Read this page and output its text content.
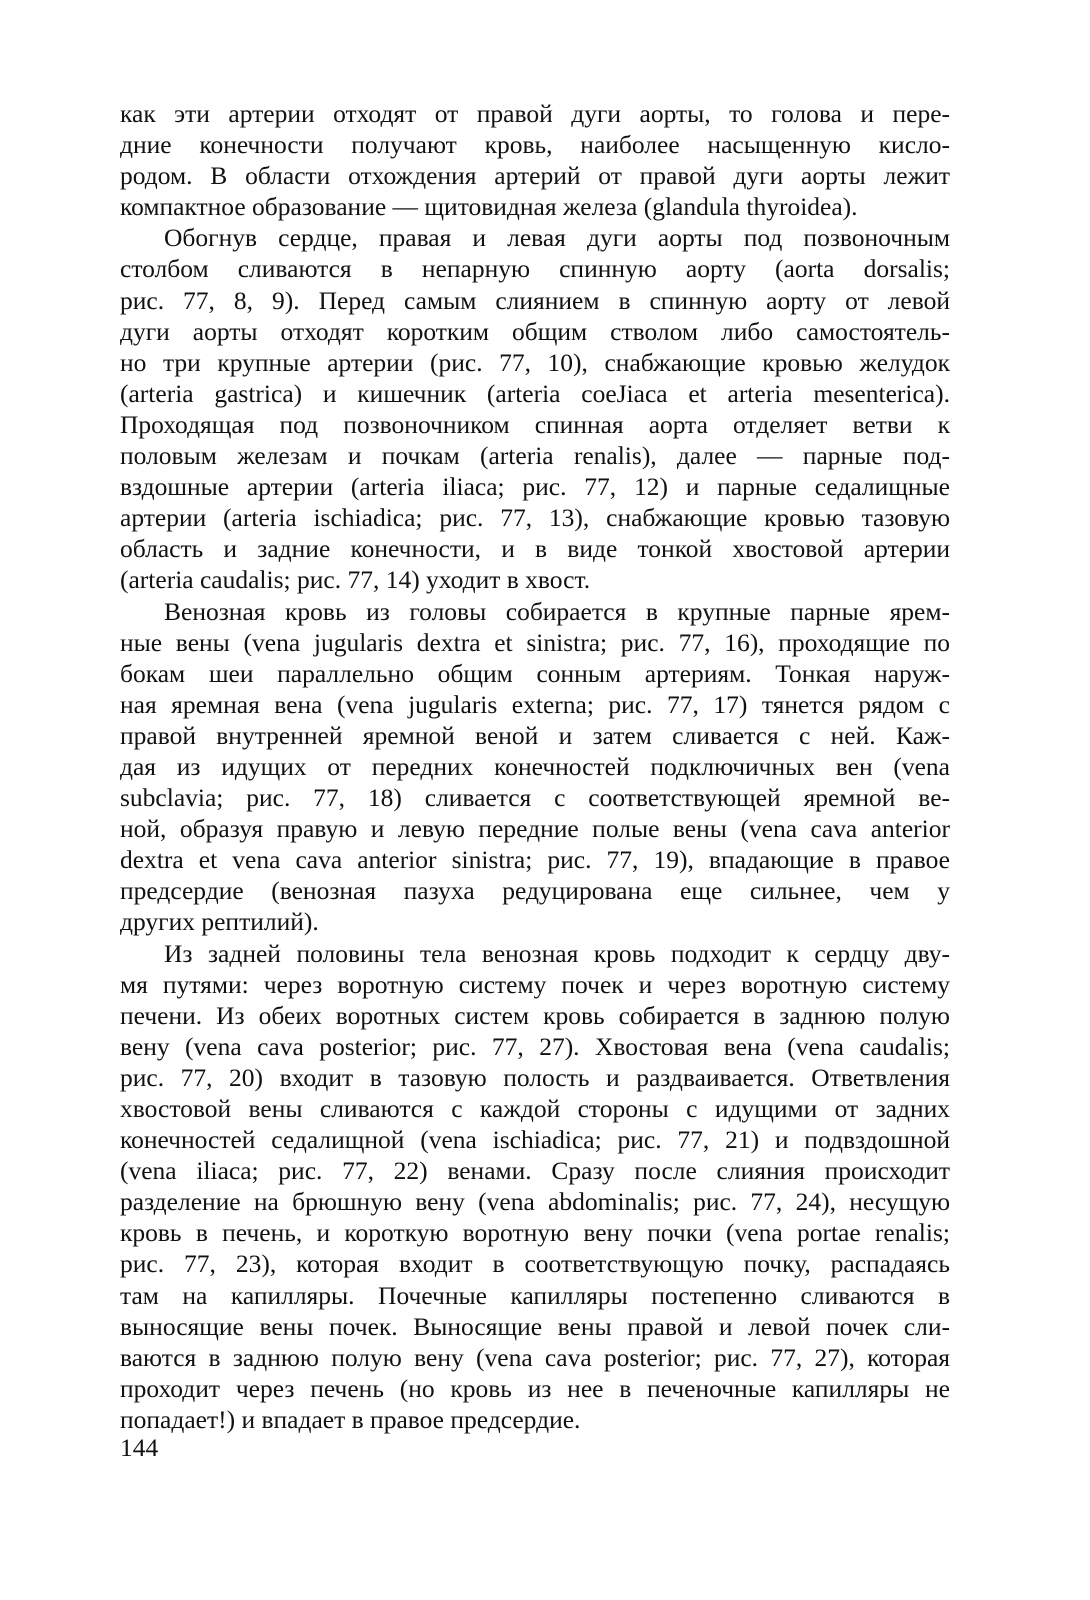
как эти артерии отходят от правой дуги аорты, то голова и пере-
дние конечности получают кровь, наиболее насыщенную кисло-
родом. В области отхождения артерий от правой дуги аорты лежит
компактное образование — щитовидная железа (glandula thyroidea).
Обогнув сердце, правая и левая дуги аорты под позвоночным
столбом сливаются в непарную спинную аорту (aorta dorsalis;
рис. 77, 8, 9). Перед самым слиянием в спинную аорту от левой
дуги аорты отходят коротким общим стволом либо самостоятель-
но три крупные артерии (рис. 77, 10), снабжающие кровью желудок
(arteria gastrica) и кишечник (arteria coeJiaca et arteria mesenterica).
Проходящая под позвоночником спинная аорта отделяет ветви к
половым железам и почкам (arteria renalis), далее — парные под-
вздошные артерии (arteria iliaca; рис. 77, 12) и парные седалищные
артерии (arteria ischiadica; рис. 77, 13), снабжающие кровью тазовую
область и задние конечности, и в виде тонкой хвостовой артерии
(arteria caudalis; рис. 77, 14) уходит в хвост.
Венозная кровь из головы собирается в крупные парные ярем-
ные вены (vena jugularis dextra et sinistra; рис. 77, 16), проходящие по
бокам шеи параллельно общим сонным артериям. Тонкая наруж-
ная яремная вена (vena jugularis externa; рис. 77, 17) тянется рядом с
правой внутренней яремной веной и затем сливается с ней. Каж-
дая из идущих от передних конечностей подключичных вен (vena
subclavia; рис. 77, 18) сливается с соответствующей яремной ве-
ной, образуя правую и левую передние полые вены (vena cava anterior
dextra et vena cava anterior sinistra; рис. 77, 19), впадающие в правое
предсердие (венозная пазуха редуцирована еще сильнее, чем у
других рептилий).
Из задней половины тела венозная кровь подходит к сердцу дву-
мя путями: через воротную систему почек и через воротную систему
печени. Из обеих воротных систем кровь собирается в заднюю полую
вену (vena cava posterior; рис. 77, 27). Хвостовая вена (vena caudalis;
рис. 77, 20) входит в тазовую полость и раздваивается. Ответвления
хвостовой вены сливаются с каждой стороны с идущими от задних
конечностей седалищной (vena ischiadica; рис. 77, 21) и подвздошной
(vena iliaca; рис. 77, 22) венами. Сразу после слияния происходит
разделение на брюшную вену (vena abdominalis; рис. 77, 24), несущую
кровь в печень, и короткую воротную вену почки (vena portae renalis;
рис. 77, 23), которая входит в соответствующую почку, распадаясь
там на капилляры. Почечные капилляры постепенно сливаются в
выносящие вены почек. Выносящие вены правой и левой почек сли-
ваются в заднюю полую вену (vena cava posterior; рис. 77, 27), которая
проходит через печень (но кровь из нее в печеночные капилляры не
попадает!) и впадает в правое предсердие.
144
